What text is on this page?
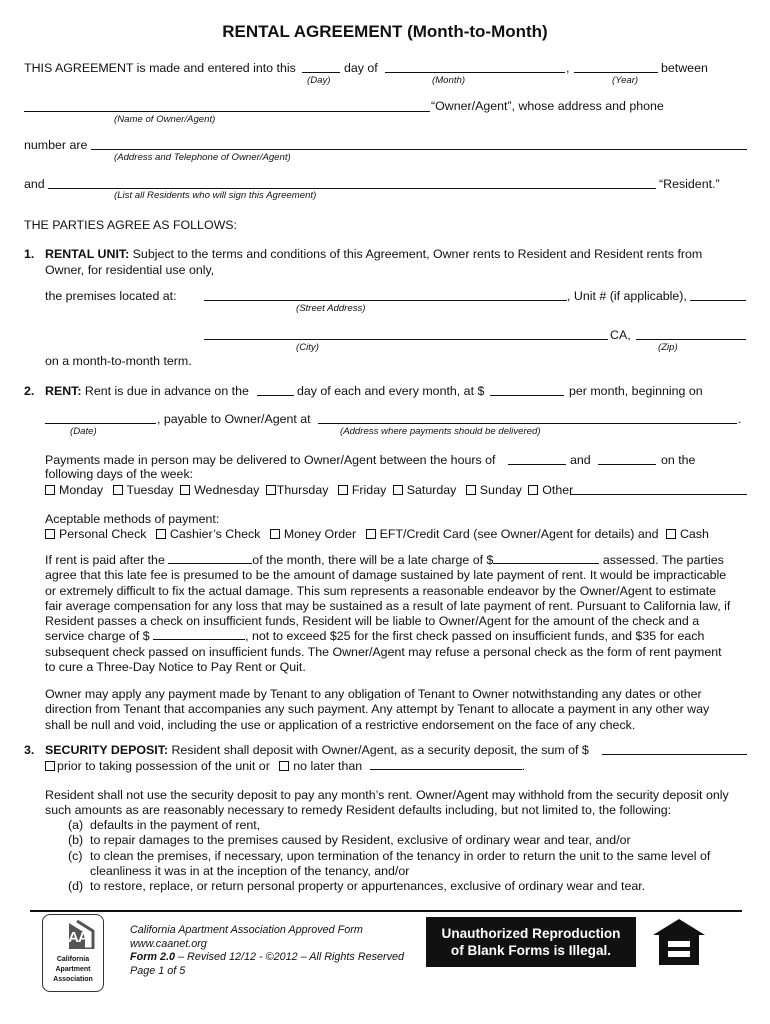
RENTAL AGREEMENT (Month-to-Month)
THIS AGREEMENT is made and entered into this	day of	,	between
(Day)	(Month)	(Year)
“Owner/Agent”, whose address and phone
(Name of Owner/Agent)
number are
(Address and Telephone of Owner/Agent)
and	“Resident.”
(List all Residents who will sign this Agreement)
THE PARTIES AGREE AS FOLLOWS:
1. RENTAL UNIT: Subject to the terms and conditions of this Agreement, Owner rents to Resident and Resident rents from
Owner, for residential use only,
the premises located at:	, Unit # (if applicable),
(Street Address)
CA,
(City)	(Zip)
on a month-to-month term.
2. RENT: Rent is due in advance on the	day of each and every month, at $	per month, beginning on
, payable to Owner/Agent at	.
(Date)	(Address where payments should be delivered)
Payments made in person may be delivered to Owner/Agent between the hours of	and	on the
following days of the week:
Monday Tuesday Wednesday Thursday Friday Saturday Sunday Other
Aceptable methods of payment:
Personal Check Cashier’s Check Money Order EFT/Credit Card (see Owner/Agent for details) and Cash
If rent is paid after the	of the month, there will be a late charge of $	assessed. The parties
agree that this late fee is presumed to be the amount of damage sustained by late payment of rent. It would be impracticable
or extremely difficult to fix the actual damage. This sum represents a reasonable endeavor by the Owner/Agent to estimate
fair average compensation for any loss that may be sustained as a result of late payment of rent. Pursuant to California law, if
Resident passes a check on insufficient funds, Resident will be liable to Owner/Agent for the amount of the check and a
service charge of $	, not to exceed $25 for the first check passed on insufficient funds, and $35 for each
subsequent check passed on insufficient funds. The Owner/Agent may refuse a personal check as the form of rent payment
to cure a Three-Day Notice to Pay Rent or Quit.
Owner may apply any payment made by Tenant to any obligation of Tenant to Owner notwithstanding any dates or other
direction from Tenant that accompanies any such payment. Any attempt by Tenant to allocate a payment in any other way
shall be null and void, including the use or application of a restrictive endorsement on the face of any check.
3. SECURITY DEPOSIT: Resident shall deposit with Owner/Agent, as a security deposit, the sum of $
prior to taking possession of the unit or no later than	.
Resident shall not use the security deposit to pay any month’s rent. Owner/Agent may withhold from the security deposit only
such amounts as are reasonably necessary to remedy Resident defaults including, but not limited to, the following:
(a) defaults in the payment of rent,
(b) to repair damages to the premises caused by Resident, exclusive of ordinary wear and tear, and/or
(c) to clean the premises, if necessary, upon termination of the tenancy in order to return the unit to the same level of
cleanliness it was in at the inception of the tenancy, and/or
(d) to restore, replace, or return personal property or appurtenances, exclusive of ordinary wear and tear.
CAA
California
Apartment
Association
California Apartment Association Approved Form
www.caanet.org
Form 2.0 – Revised 12/12 - ©2012 – All Rights Reserved
Page 1 of 5
Unauthorized Reproduction
of Blank Forms is Illegal.
